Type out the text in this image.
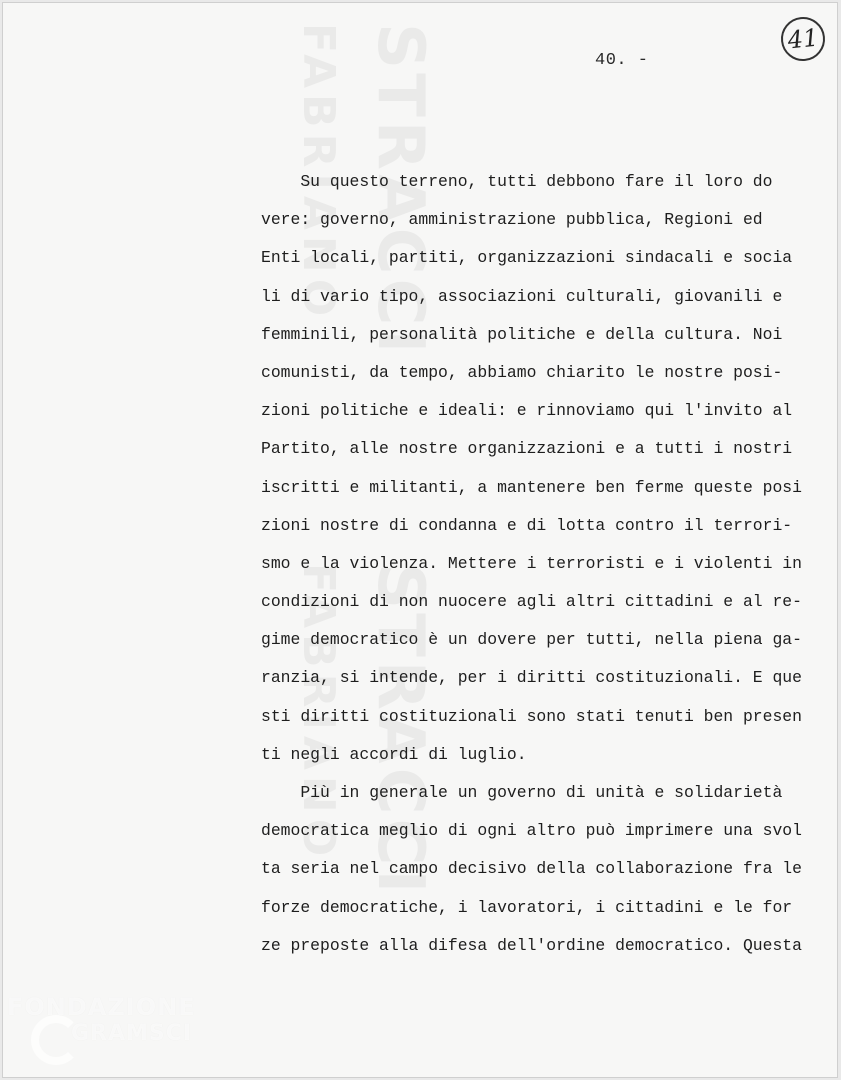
FABRIANO STRACCI
FABRIANO STRACCI
FONDAZIONE
GRAMSCI
41
40. -
Su questo terreno, tutti debbono fare il loro do
vere: governo, amministrazione pubblica, Regioni ed
Enti locali, partiti, organizzazioni sindacali e socia
li di vario tipo, associazioni culturali, giovanili e
femminili, personalità politiche e della cultura. Noi
comunisti, da tempo, abbiamo chiarito le nostre posi-
zioni politiche e ideali: e rinnoviamo qui l'invito al
Partito, alle nostre organizzazioni e a tutti i nostri
iscritti e militanti, a mantenere ben ferme queste posi
zioni nostre di condanna e di lotta contro il terrori-
smo e la violenza. Mettere i terroristi e i violenti in
condizioni di non nuocere agli altri cittadini e al re-
gime democratico è un dovere per tutti, nella piena ga-
ranzia, si intende, per i diritti costituzionali. E que
sti diritti costituzionali sono stati tenuti ben presen
ti negli accordi di luglio.
Più in generale un governo di unità e solidarietà
democratica meglio di ogni altro può imprimere una svol
ta seria nel campo decisivo della collaborazione fra le
forze democratiche, i lavoratori, i cittadini e le for
ze preposte alla difesa dell'ordine democratico. Questa
